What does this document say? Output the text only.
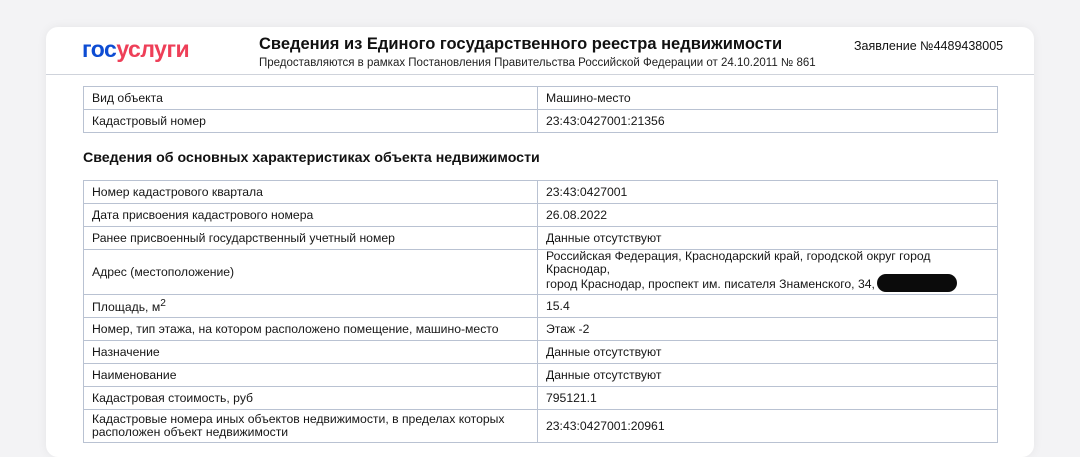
госуслуги	Сведения из Единого государственного реестра недвижимости
Предоставляются в рамках Постановления Правительства Российской Федерации от 24.10.2011 № 861
Заявление №4489438005
Вид объекта	Машино-место
Кадастровый номер	23:43:0427001:21356
Сведения об основных характеристиках объекта недвижимости
Номер кадастрового квартала	23:43:0427001
Дата присвоения кадастрового номера	26.08.2022
Ранее присвоенный государственный учетный номер	Данные отсутствуют
Адрес (местоположение)	Российская Федерация, Краснодарский край, городской округ город Краснодар,
город Краснодар, проспект им. писателя Знаменского, 34,
Площадь, $м^2$	15.4
Номер, тип этажа, на котором расположено помещение, машино-место	Этаж -2
Назначение	Данные отсутствуют
Наименование	Данные отсутствуют
Кадастровая стоимость, руб	795121.1
Кадастровые номера иных объектов недвижимости, в пределах которых
расположен объект недвижимости	23:43:0427001:20961
